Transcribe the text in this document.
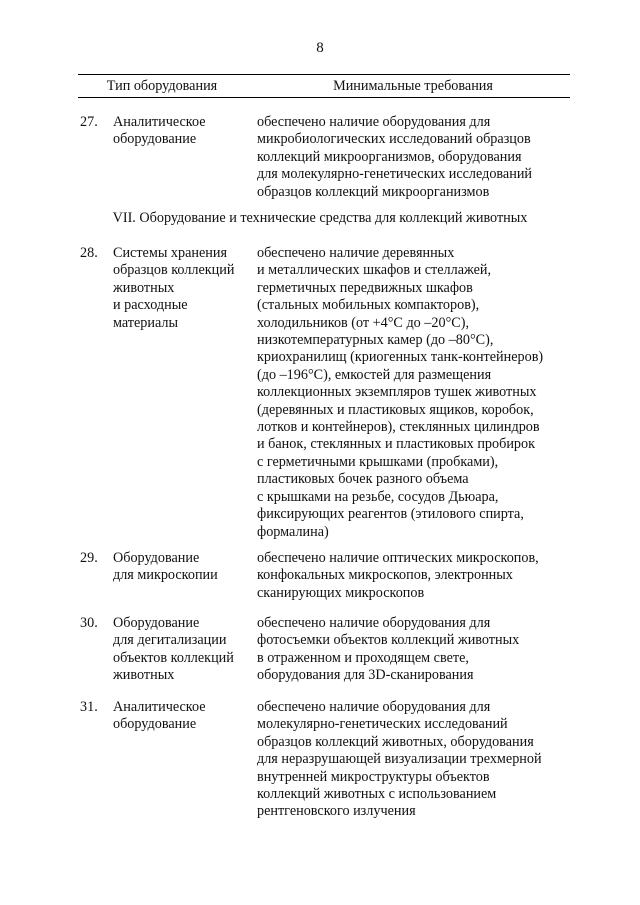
8
Тип оборудования	Минимальные требования
27. Аналитическое
оборудование
обеспечено наличие оборудования для
микробиологических исследований образцов
коллекций микроорганизмов, оборудования
для молекулярно-генетических исследований
образцов коллекций микроорганизмов
28. Системы хранения
образцов коллекций
животных
и расходные
материалы
обеспечено наличие деревянных
и металлических шкафов и стеллажей,
герметичных передвижных шкафов
(стальных мобильных компакторов),
холодильников (от +4°С до –20°С),
низкотемпературных камер (до –80°С),
криохранилищ (криогенных танк-контейнеров)
(до –196°С), емкостей для размещения
коллекционных экземпляров тушек животных
(деревянных и пластиковых ящиков, коробок,
лотков и контейнеров), стеклянных цилиндров
и банок, стеклянных и пластиковых пробирок
с герметичными крышками (пробками),
пластиковых бочек разного объема
с крышками на резьбе, сосудов Дьюара,
фиксирующих реагентов (этилового спирта,
формалина)
29. Оборудование
для микроскопии
обеспечено наличие оптических микроскопов,
конфокальных микроскопов, электронных
сканирующих микроскопов
30. Оборудование
для дегитализации
объектов коллекций
животных
обеспечено наличие оборудования для
фотосъемки объектов коллекций животных
в отраженном и проходящем свете,
оборудования для 3D-сканирования
31. Аналитическое
оборудование
обеспечено наличие оборудования для
молекулярно-генетических исследований
образцов коллекций животных, оборудования
для неразрушающей визуализации трехмерной
внутренней микроструктуры объектов
коллекций животных с использованием
рентгеновского излучения
VII. Оборудование и технические средства для коллекций животных
